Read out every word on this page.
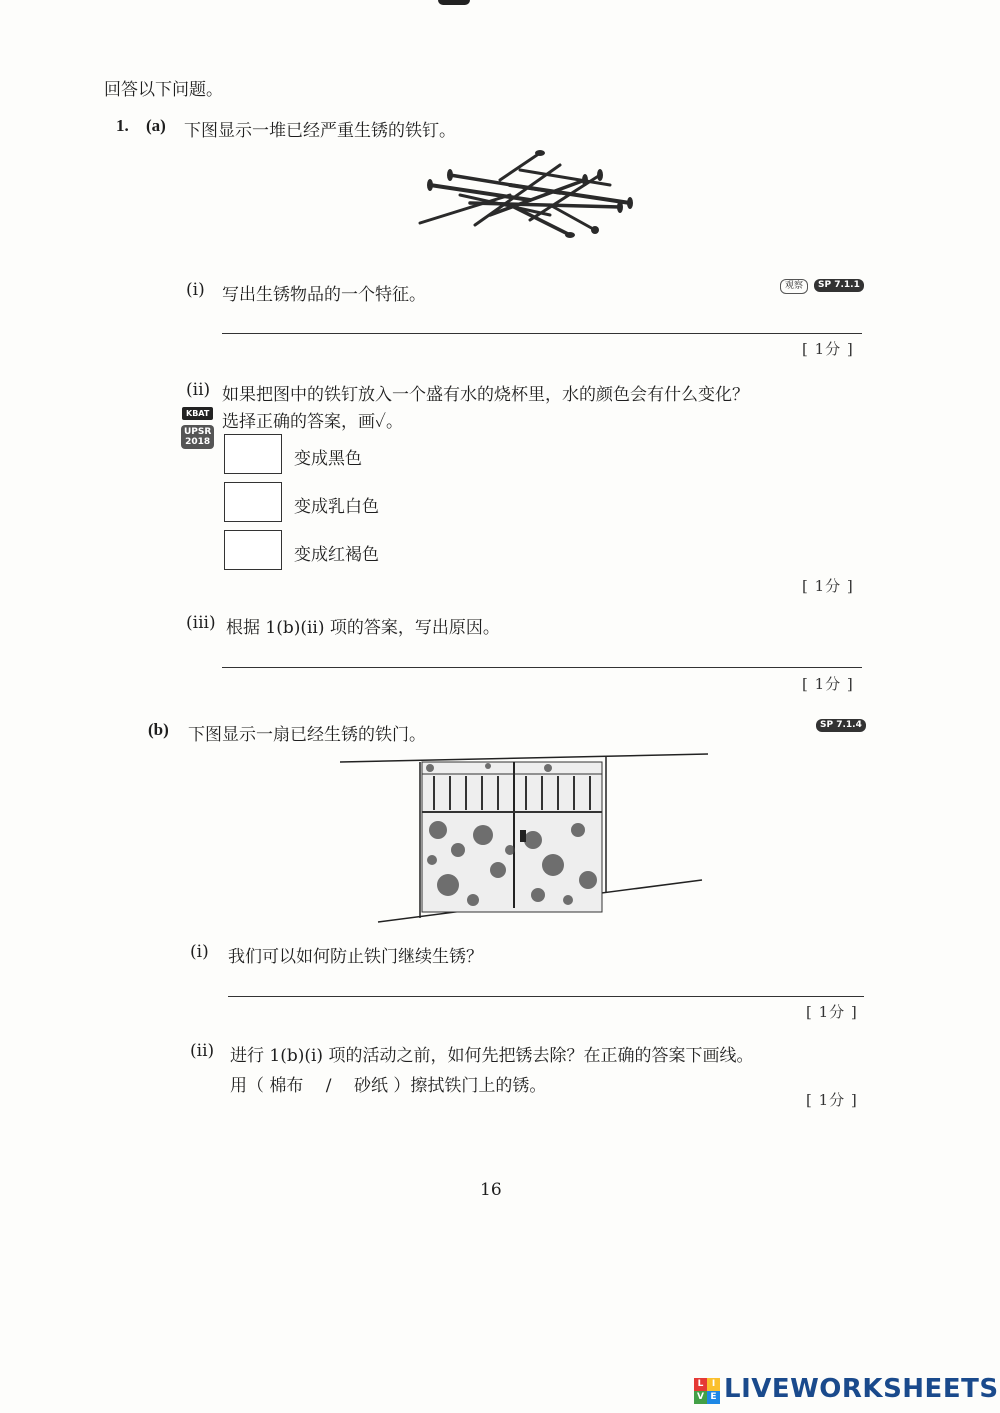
回答以下问题。
1. (a) 下图显示一堆已经严重生锈的铁钉。
(i) 写出生锈物品的一个特征。	观察	SP 7.1.1
[ 1分 ]
(ii) 如果把图中的铁钉放入一个盛有水的烧杯里，水的颜色会有什么变化？
选择正确的答案，画✓。
KBAT
UPSR
2018
变成黑色
变成乳白色
变成红褐色
[ 1分 ]
(iii) 根据 1(b)(ii) 项的答案，写出原因。
[ 1分 ]
(b) 下图显示一扇已经生锈的铁门。	SP 7.1.4
(i) 我们可以如何防止铁门继续生锈？
[ 1分 ]
(ii) 进行 1(b)(i) 项的活动之前，如何先把锈去除？在正确的答案下画线。
用（ 棉布　 /　 砂纸 ）擦拭铁门上的锈。
[ 1分 ]
16
L I
V E LIVEWORKSHEETS
